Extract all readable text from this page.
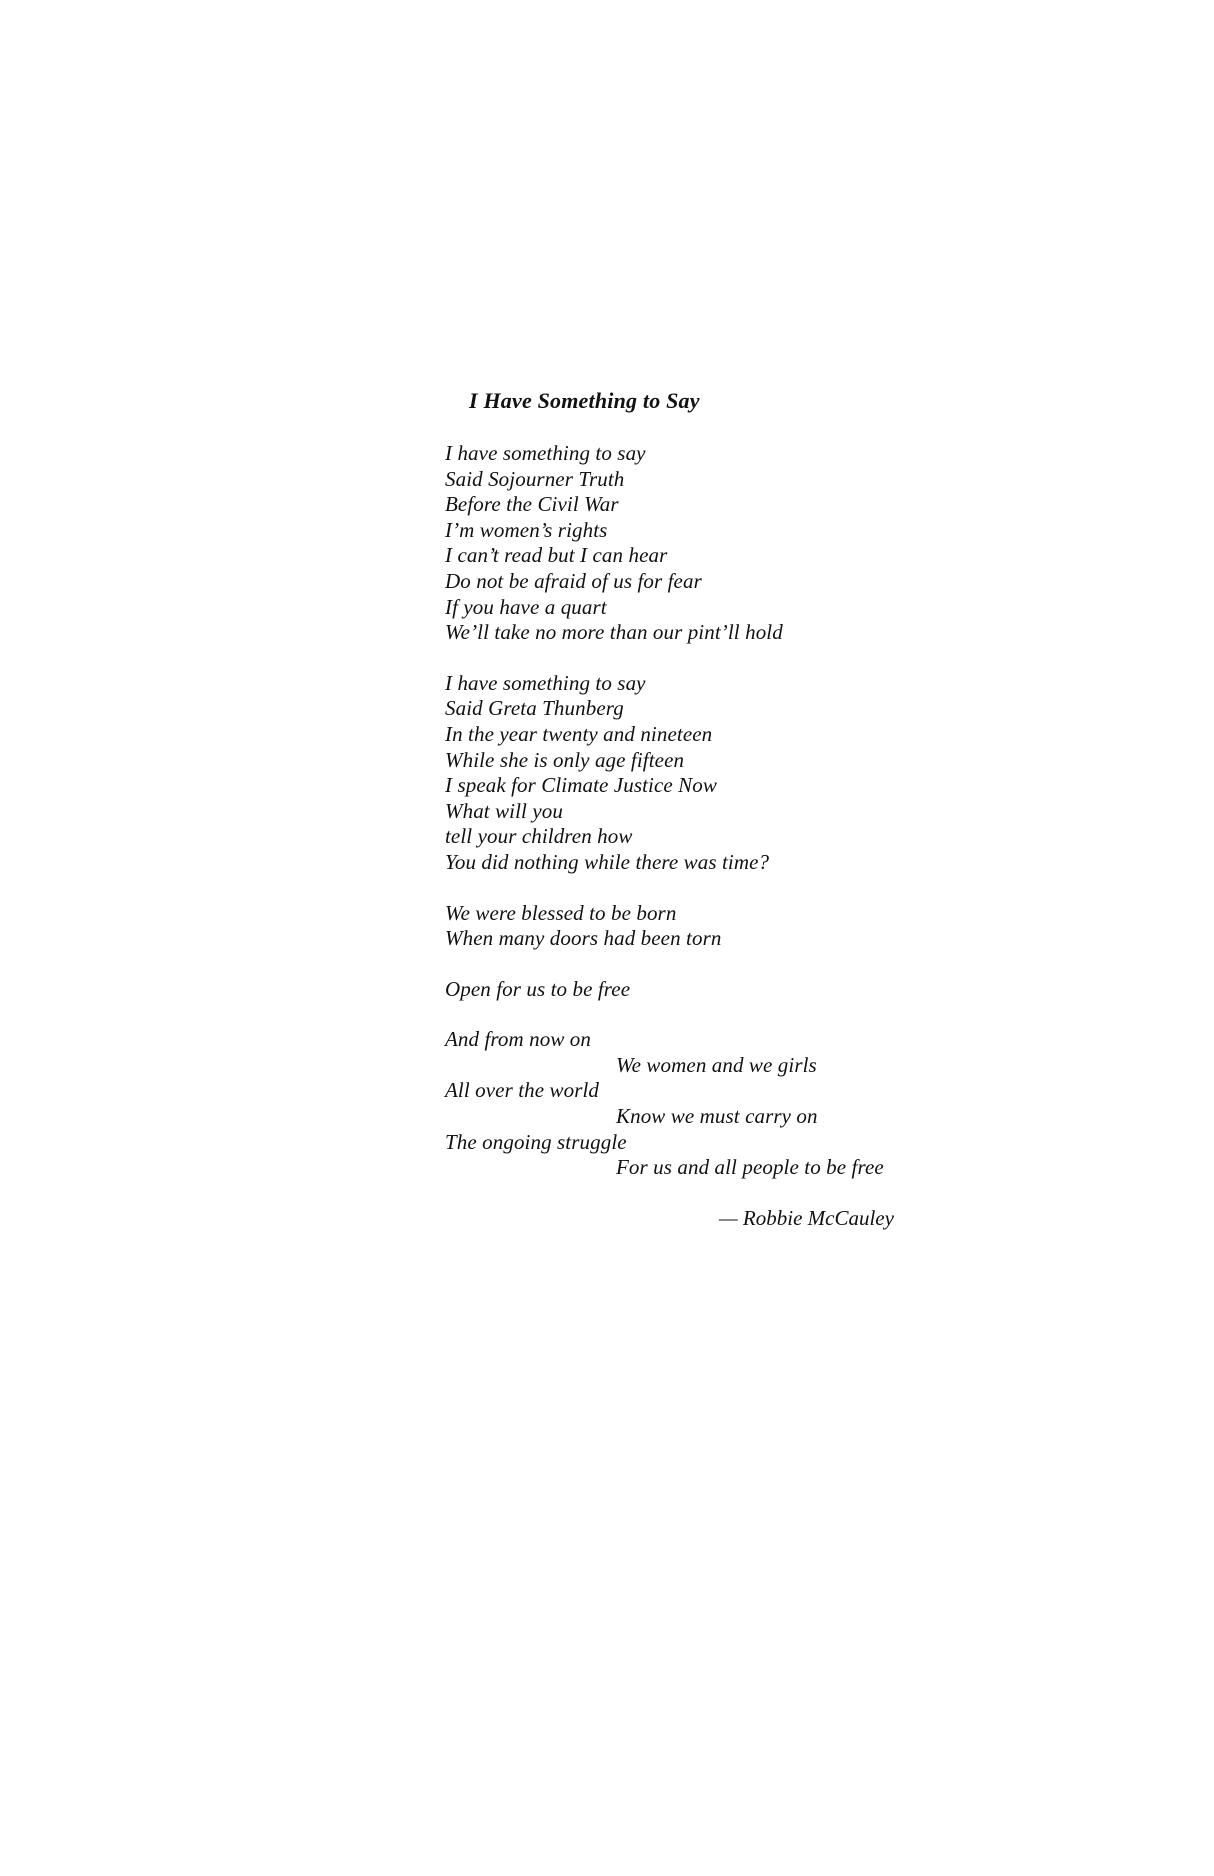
I Have Something to Say
I have something to say
Said Sojourner Truth
Before the Civil War
I’m women’s rights
I can’t read but I can hear
Do not be afraid of us for fear
If you have a quart
We’ll take no more than our pint’ll hold
I have something to say
Said Greta Thunberg
In the year twenty and nineteen
While she is only age fifteen
I speak for Climate Justice Now
What will you
tell your children how
You did nothing while there was time?
We were blessed to be born
When many doors had been torn
Open for us to be free
And from now on
We women and we girls
All over the world
Know we must carry on
The ongoing struggle
For us and all people to be free
— Robbie McCauley
